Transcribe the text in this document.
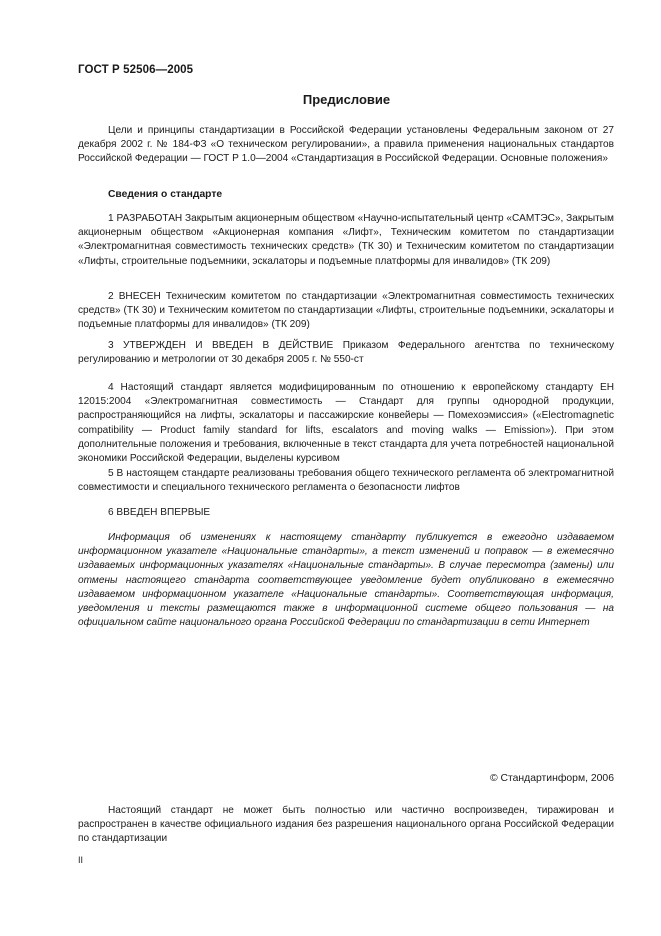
ГОСТ Р 52506—2005
Предисловие

Цели и принципы стандартизации в Российской Федерации установлены Федеральным законом от 27 декабря 2002 г. № 184-ФЗ «О техническом регулировании», а правила применения национальных стандартов Российской Федерации — ГОСТ Р 1.0—2004 «Стандартизация в Российской Федерации. Основные положения»

Сведения о стандарте

1 РАЗРАБОТАН Закрытым акционерным обществом «Научно-испытательный центр «САМТЭС», Закрытым акционерным обществом «Акционерная компания «Лифт», Техническим комитетом по стандартизации «Электромагнитная совместимость технических средств» (ТК 30) и Техническим комитетом по стандартизации «Лифты, строительные подъемники, эскалаторы и подъемные платформы для инвалидов» (ТК 209)

2 ВНЕСЕН Техническим комитетом по стандартизации «Электромагнитная совместимость технических средств» (ТК 30) и Техническим комитетом по стандартизации «Лифты, строительные подъемники, эскалаторы и подъемные платформы для инвалидов» (ТК 209)

3 УТВЕРЖДЕН И ВВЕДЕН В ДЕЙСТВИЕ Приказом Федерального агентства по техническому регулированию и метрологии от 30 декабря 2005 г. № 550-ст

4 Настоящий стандарт является модифицированным по отношению к европейскому стандарту ЕН 12015:2004 «Электромагнитная совместимость — Стандарт для группы однородной продукции, распространяющийся на лифты, эскалаторы и пассажирские конвейеры — Помехоэмиссия» («Electromagnetic compatibility — Product family standard for lifts, escalators and moving walks — Emission»). При этом дополнительные положения и требования, включенные в текст стандарта для учета потребностей национальной экономики Российской Федерации, выделены курсивом

5 В настоящем стандарте реализованы требования общего технического регламента об электромагнитной совместимости и специального технического регламента о безопасности лифтов

6 ВВЕДЕН ВПЕРВЫЕ

Информация об изменениях к настоящему стандарту публикуется в ежегодно издаваемом информационном указателе «Национальные стандарты», а текст изменений и поправок — в ежемесячно издаваемых информационных указателях «Национальные стандарты». В случае пересмотра (замены) или отмены настоящего стандарта соответствующее уведомление будет опубликовано в ежемесячно издаваемом информационном указателе «Национальные стандарты». Соответствующая информация, уведомления и тексты размещаются также в информационной системе общего пользования — на официальном сайте национального органа Российской Федерации по стандартизации в сети Интернет

© Стандартинформ, 2006

Настоящий стандарт не может быть полностью или частично воспроизведен, тиражирован и распространен в качестве официального издания без разрешения национального органа Российской Федерации по стандартизации

II
